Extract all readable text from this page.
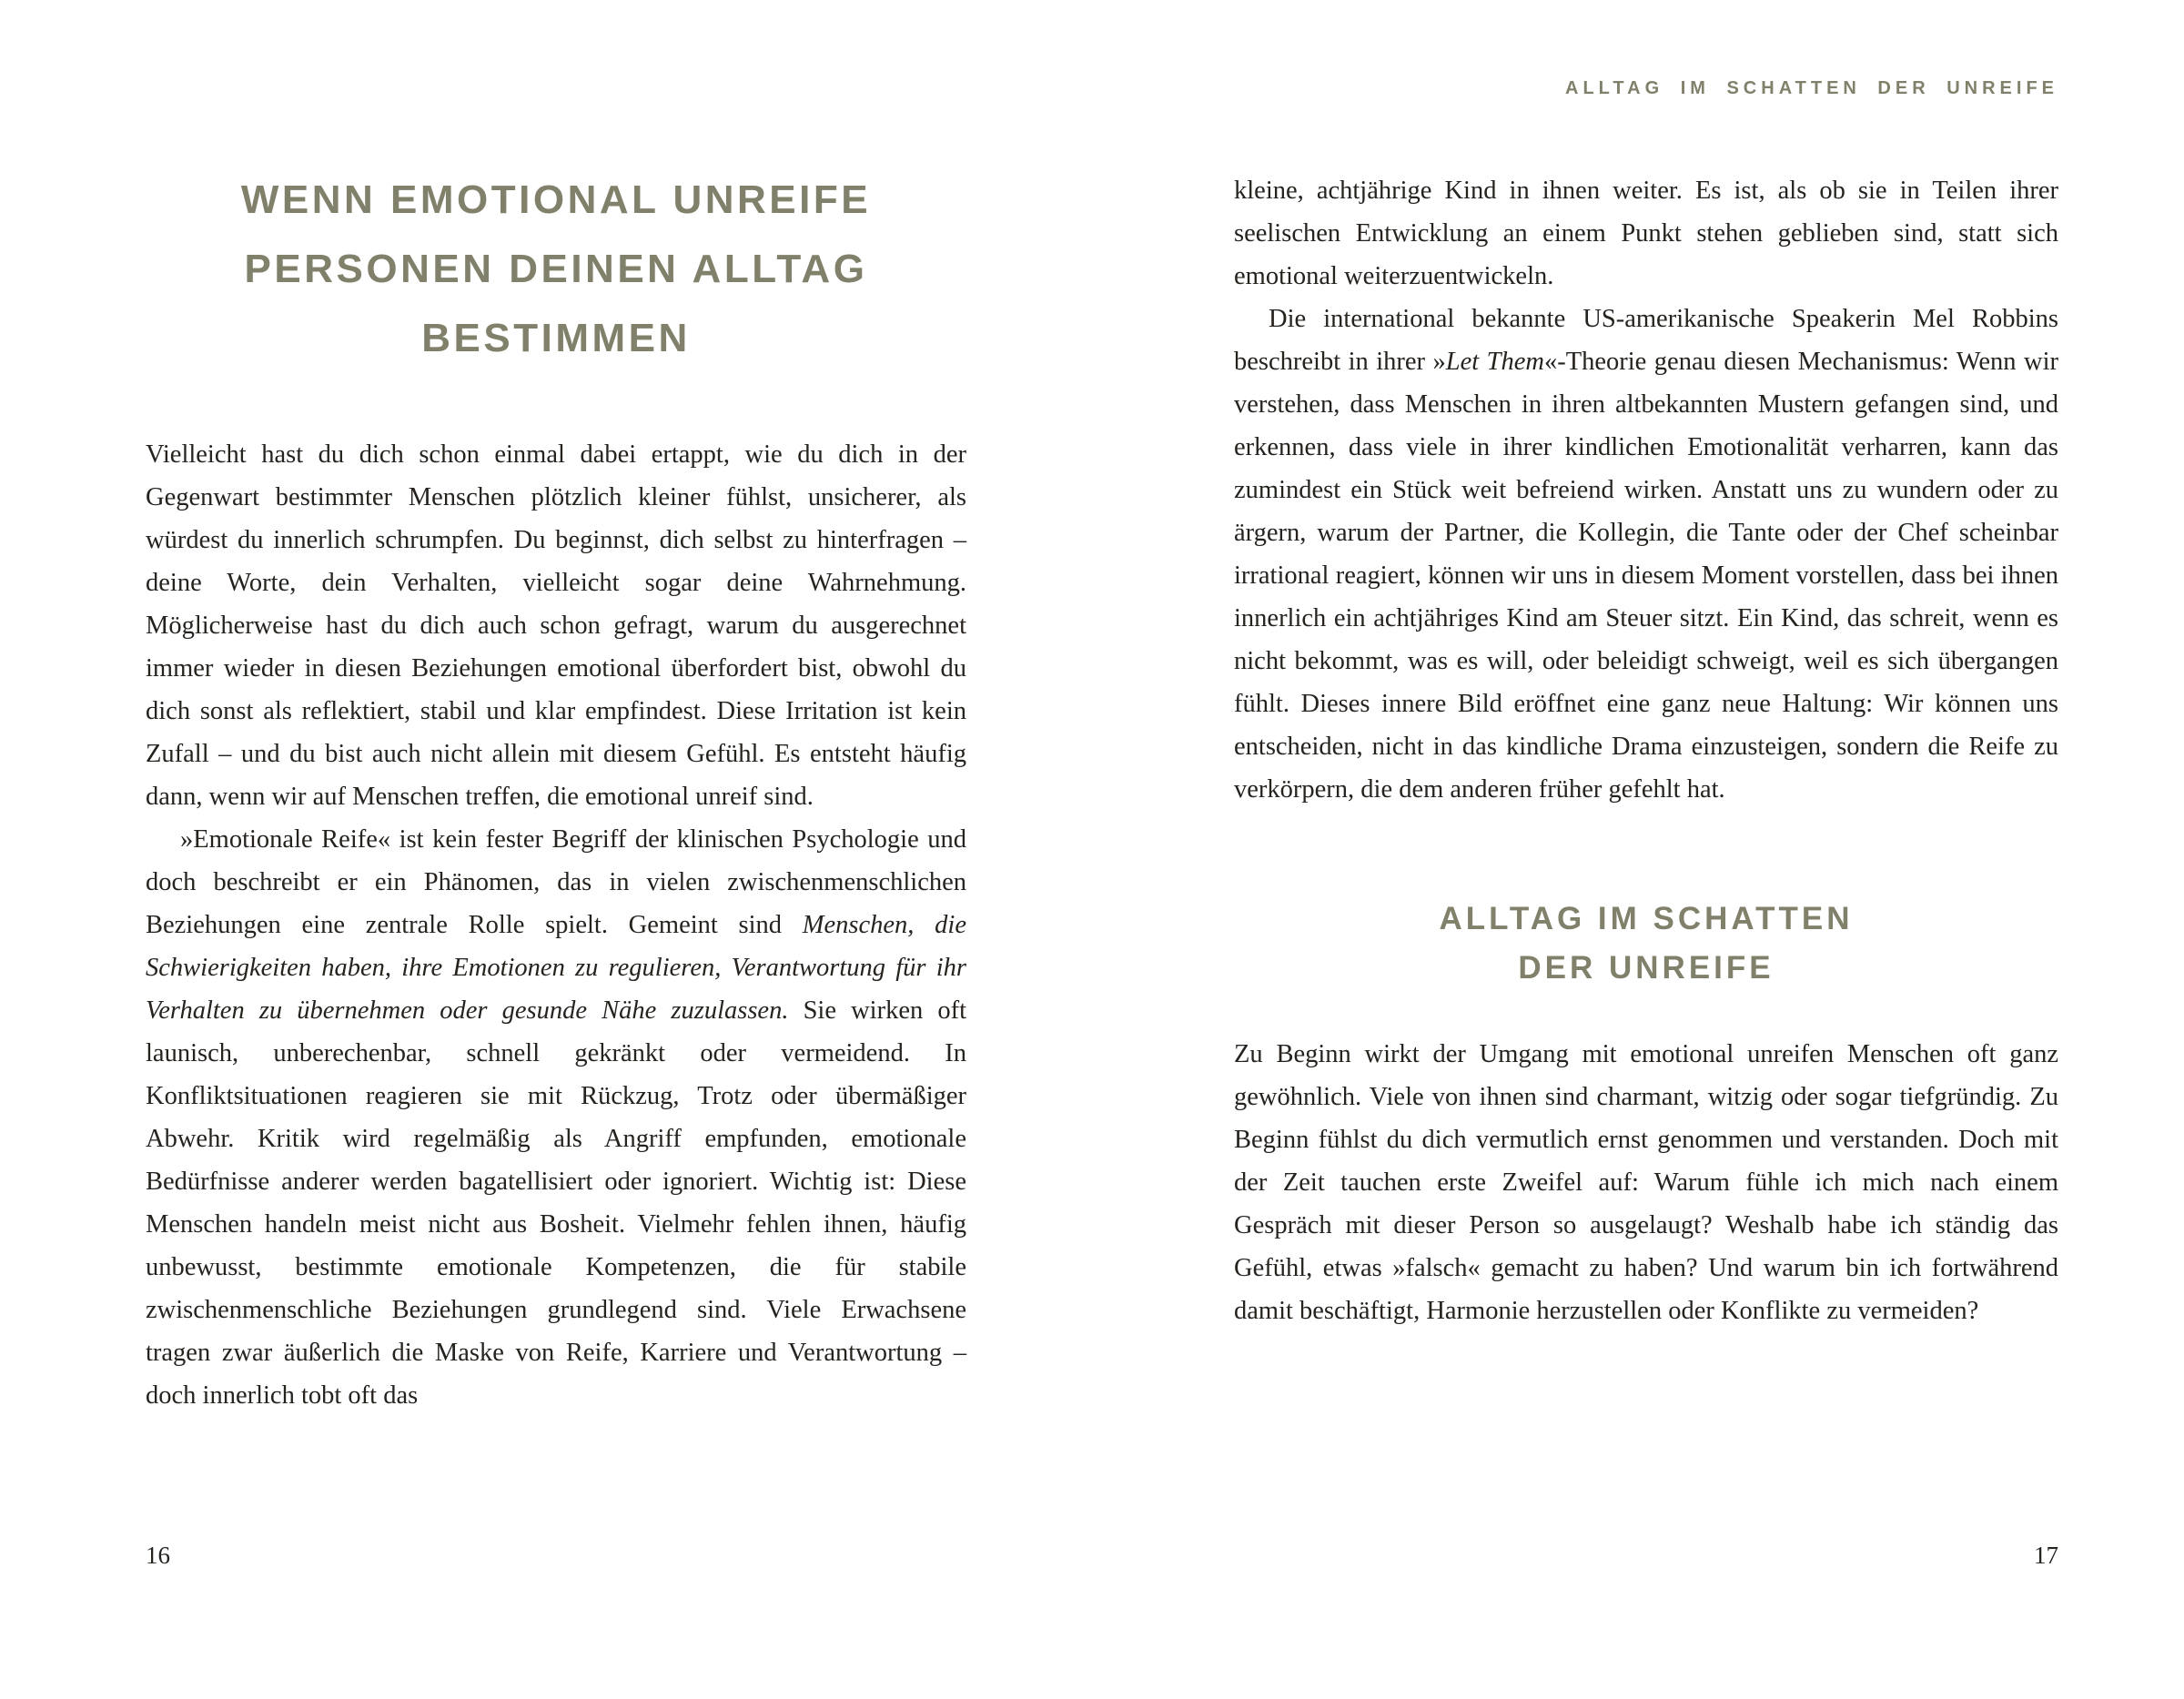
WENN EMOTIONAL UNREIFE
PERSONEN DEINEN ALLTAG
BESTIMMEN

Vielleicht hast du dich schon einmal dabei ertappt, wie du dich in der Gegenwart bestimmter Menschen plötzlich kleiner fühlst, unsicherer, als würdest du innerlich schrumpfen. Du beginnst, dich selbst zu hinterfragen – deine Worte, dein Verhalten, vielleicht sogar deine Wahrnehmung. Möglicherweise hast du dich auch schon gefragt, warum du ausgerechnet immer wieder in diesen Beziehungen emotional überfordert bist, obwohl du dich sonst als reflektiert, stabil und klar empfindest. Diese Irritation ist kein Zufall – und du bist auch nicht allein mit diesem Gefühl. Es entsteht häufig dann, wenn wir auf Menschen treffen, die emotional unreif sind.

»Emotionale Reife« ist kein fester Begriff der klinischen Psychologie und doch beschreibt er ein Phänomen, das in vielen zwischenmenschlichen Beziehungen eine zentrale Rolle spielt. Gemeint sind Menschen, die Schwierigkeiten haben, ihre Emotionen zu regulieren, Verantwortung für ihr Verhalten zu übernehmen oder gesunde Nähe zuzulassen. Sie wirken oft launisch, unberechenbar, schnell gekränkt oder vermeidend. In Konfliktsituationen reagieren sie mit Rückzug, Trotz oder übermäßiger Abwehr. Kritik wird regelmäßig als Angriff empfunden, emotionale Bedürfnisse anderer werden bagatellisiert oder ignoriert. Wichtig ist: Diese Menschen handeln meist nicht aus Bosheit. Vielmehr fehlen ihnen, häufig unbewusst, bestimmte emotionale Kompetenzen, die für stabile zwischenmenschliche Beziehungen grundlegend sind. Viele Erwachsene tragen zwar äußerlich die Maske von Reife, Karriere und Verantwortung – doch innerlich tobt oft das

16
ALLTAG IM SCHATTEN DER UNREIFE

kleine, achtjährige Kind in ihnen weiter. Es ist, als ob sie in Teilen ihrer seelischen Entwicklung an einem Punkt stehen geblieben sind, statt sich emotional weiterzuentwickeln.

Die international bekannte US-amerikanische Speakerin Mel Robbins beschreibt in ihrer »Let Them«-Theorie genau diesen Mechanismus: Wenn wir verstehen, dass Menschen in ihren altbekannten Mustern gefangen sind, und erkennen, dass viele in ihrer kindlichen Emotionalität verharren, kann das zumindest ein Stück weit befreiend wirken. Anstatt uns zu wundern oder zu ärgern, warum der Partner, die Kollegin, die Tante oder der Chef scheinbar irrational reagiert, können wir uns in diesem Moment vorstellen, dass bei ihnen innerlich ein achtjähriges Kind am Steuer sitzt. Ein Kind, das schreit, wenn es nicht bekommt, was es will, oder beleidigt schweigt, weil es sich übergangen fühlt. Dieses innere Bild eröffnet eine ganz neue Haltung: Wir können uns entscheiden, nicht in das kindliche Drama einzusteigen, sondern die Reife zu verkörpern, die dem anderen früher gefehlt hat.

ALLTAG IM SCHATTEN
DER UNREIFE

Zu Beginn wirkt der Umgang mit emotional unreifen Menschen oft ganz gewöhnlich. Viele von ihnen sind charmant, witzig oder sogar tiefgründig. Zu Beginn fühlst du dich vermutlich ernst genommen und verstanden. Doch mit der Zeit tauchen erste Zweifel auf: Warum fühle ich mich nach einem Gespräch mit dieser Person so ausgelaugt? Weshalb habe ich ständig das Gefühl, etwas »falsch« gemacht zu haben? Und warum bin ich fortwährend damit beschäftigt, Harmonie herzustellen oder Konflikte zu vermeiden?

17
